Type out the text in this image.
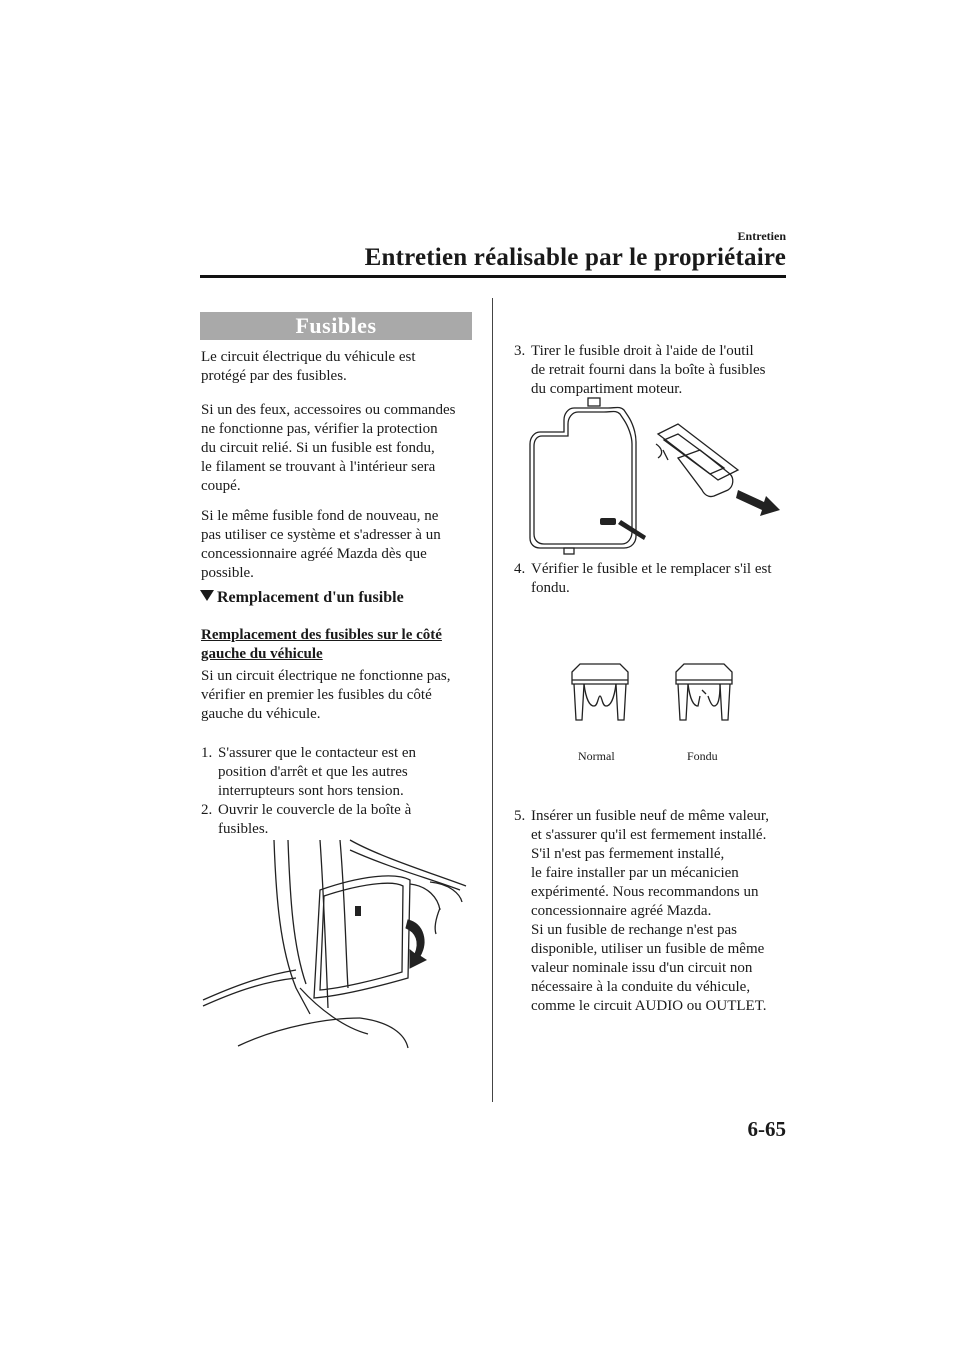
Entretien
Entretien réalisable par le propriétaire
Fusibles
Le circuit électrique du véhicule est
protégé par des fusibles.
Si un des feux, accessoires ou commandes
ne fonctionne pas, vérifier la protection
du circuit relié. Si un fusible est fondu,
le filament se trouvant à l'intérieur sera
coupé.
Si le même fusible fond de nouveau, ne
pas utiliser ce système et s'adresser à un
concessionnaire agréé Mazda dès que
possible.
Remplacement d'un fusible
Remplacement des fusibles sur le côté
gauche du véhicule
Si un circuit électrique ne fonctionne pas,
vérifier en premier les fusibles du côté
gauche du véhicule.
1. S'assurer que le contacteur est en
position d'arrêt et que les autres
interrupteurs sont hors tension.
2. Ouvrir le couvercle de la boîte à
fusibles.
3. Tirer le fusible droit à l'aide de l'outil
de retrait fourni dans la boîte à fusibles
du compartiment moteur.
4. Vérifier le fusible et le remplacer s'il est
fondu.
Normal	Fondu
5. Insérer un fusible neuf de même valeur,
et s'assurer qu'il est fermement installé.
S'il n'est pas fermement installé,
le faire installer par un mécanicien
expérimenté. Nous recommandons un
concessionnaire agréé Mazda.
Si un fusible de rechange n'est pas
disponible, utiliser un fusible de même
valeur nominale issu d'un circuit non
nécessaire à la conduite du véhicule,
comme le circuit AUDIO ou OUTLET.
6-65
